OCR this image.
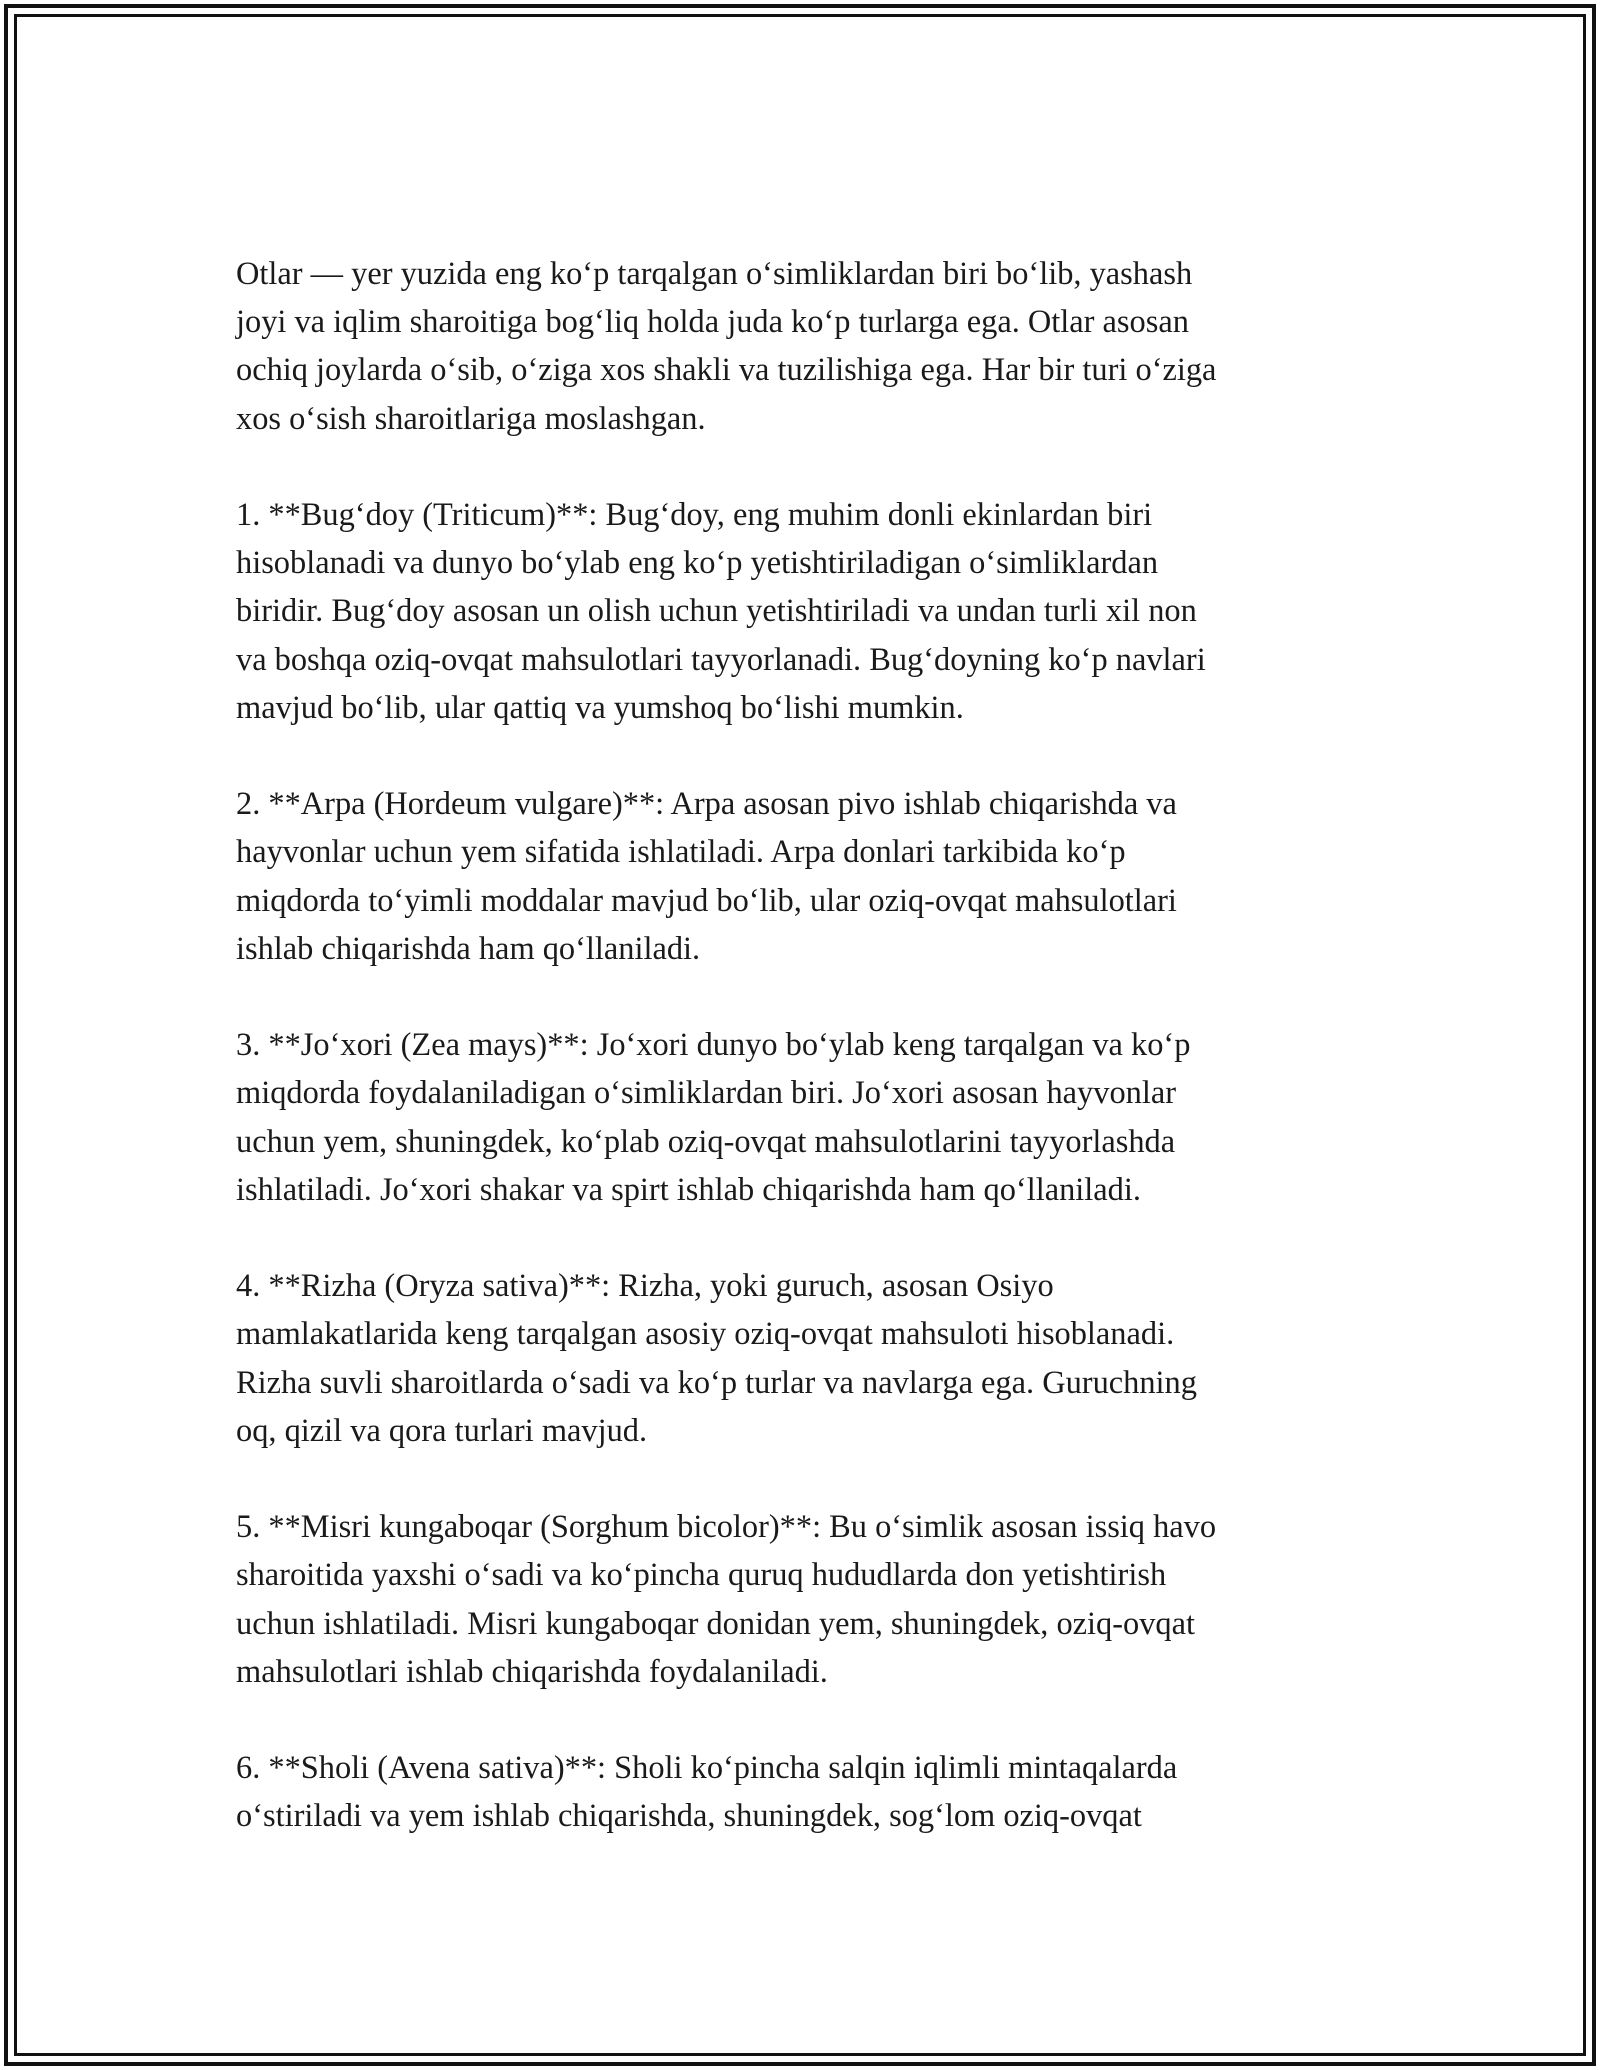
Otlar — yer yuzida eng koʻp tarqalgan oʻsimliklardan biri boʻlib, yashash
joyi va iqlim sharoitiga bogʻliq holda juda koʻp turlarga ega. Otlar asosan
ochiq joylarda oʻsib, oʻziga xos shakli va tuzilishiga ega. Har bir turi oʻziga
xos oʻsish sharoitlariga moslashgan.

1. **Bugʻdoy (Triticum)**: Bugʻdoy, eng muhim donli ekinlardan biri
hisoblanadi va dunyo boʻylab eng koʻp yetishtiriladigan oʻsimliklardan
biridir. Bugʻdoy asosan un olish uchun yetishtiriladi va undan turli xil non
va boshqa oziq-ovqat mahsulotlari tayyorlanadi. Bugʻdoyning koʻp navlari
mavjud boʻlib, ular qattiq va yumshoq boʻlishi mumkin.

2. **Arpa (Hordeum vulgare)**: Arpa asosan pivo ishlab chiqarishda va
hayvonlar uchun yem sifatida ishlatiladi. Arpa donlari tarkibida koʻp
miqdorda toʻyimli moddalar mavjud boʻlib, ular oziq-ovqat mahsulotlari
ishlab chiqarishda ham qoʻllaniladi.

3. **Joʻxori (Zea mays)**: Joʻxori dunyo boʻylab keng tarqalgan va koʻp
miqdorda foydalaniladigan oʻsimliklardan biri. Joʻxori asosan hayvonlar
uchun yem, shuningdek, koʻplab oziq-ovqat mahsulotlarini tayyorlashda
ishlatiladi. Joʻxori shakar va spirt ishlab chiqarishda ham qoʻllaniladi.

4. **Rizha (Oryza sativa)**: Rizha, yoki guruch, asosan Osiyo
mamlakatlarida keng tarqalgan asosiy oziq-ovqat mahsuloti hisoblanadi.
Rizha suvli sharoitlarda oʻsadi va koʻp turlar va navlarga ega. Guruchning
oq, qizil va qora turlari mavjud.

5. **Misri kungaboqar (Sorghum bicolor)**: Bu oʻsimlik asosan issiq havo
sharoitida yaxshi oʻsadi va koʻpincha quruq hududlarda don yetishtirish
uchun ishlatiladi. Misri kungaboqar donidan yem, shuningdek, oziq-ovqat
mahsulotlari ishlab chiqarishda foydalaniladi.

6. **Sholi (Avena sativa)**: Sholi koʻpincha salqin iqlimli mintaqalarda
oʻstiriladi va yem ishlab chiqarishda, shuningdek, sogʻlom oziq-ovqat
